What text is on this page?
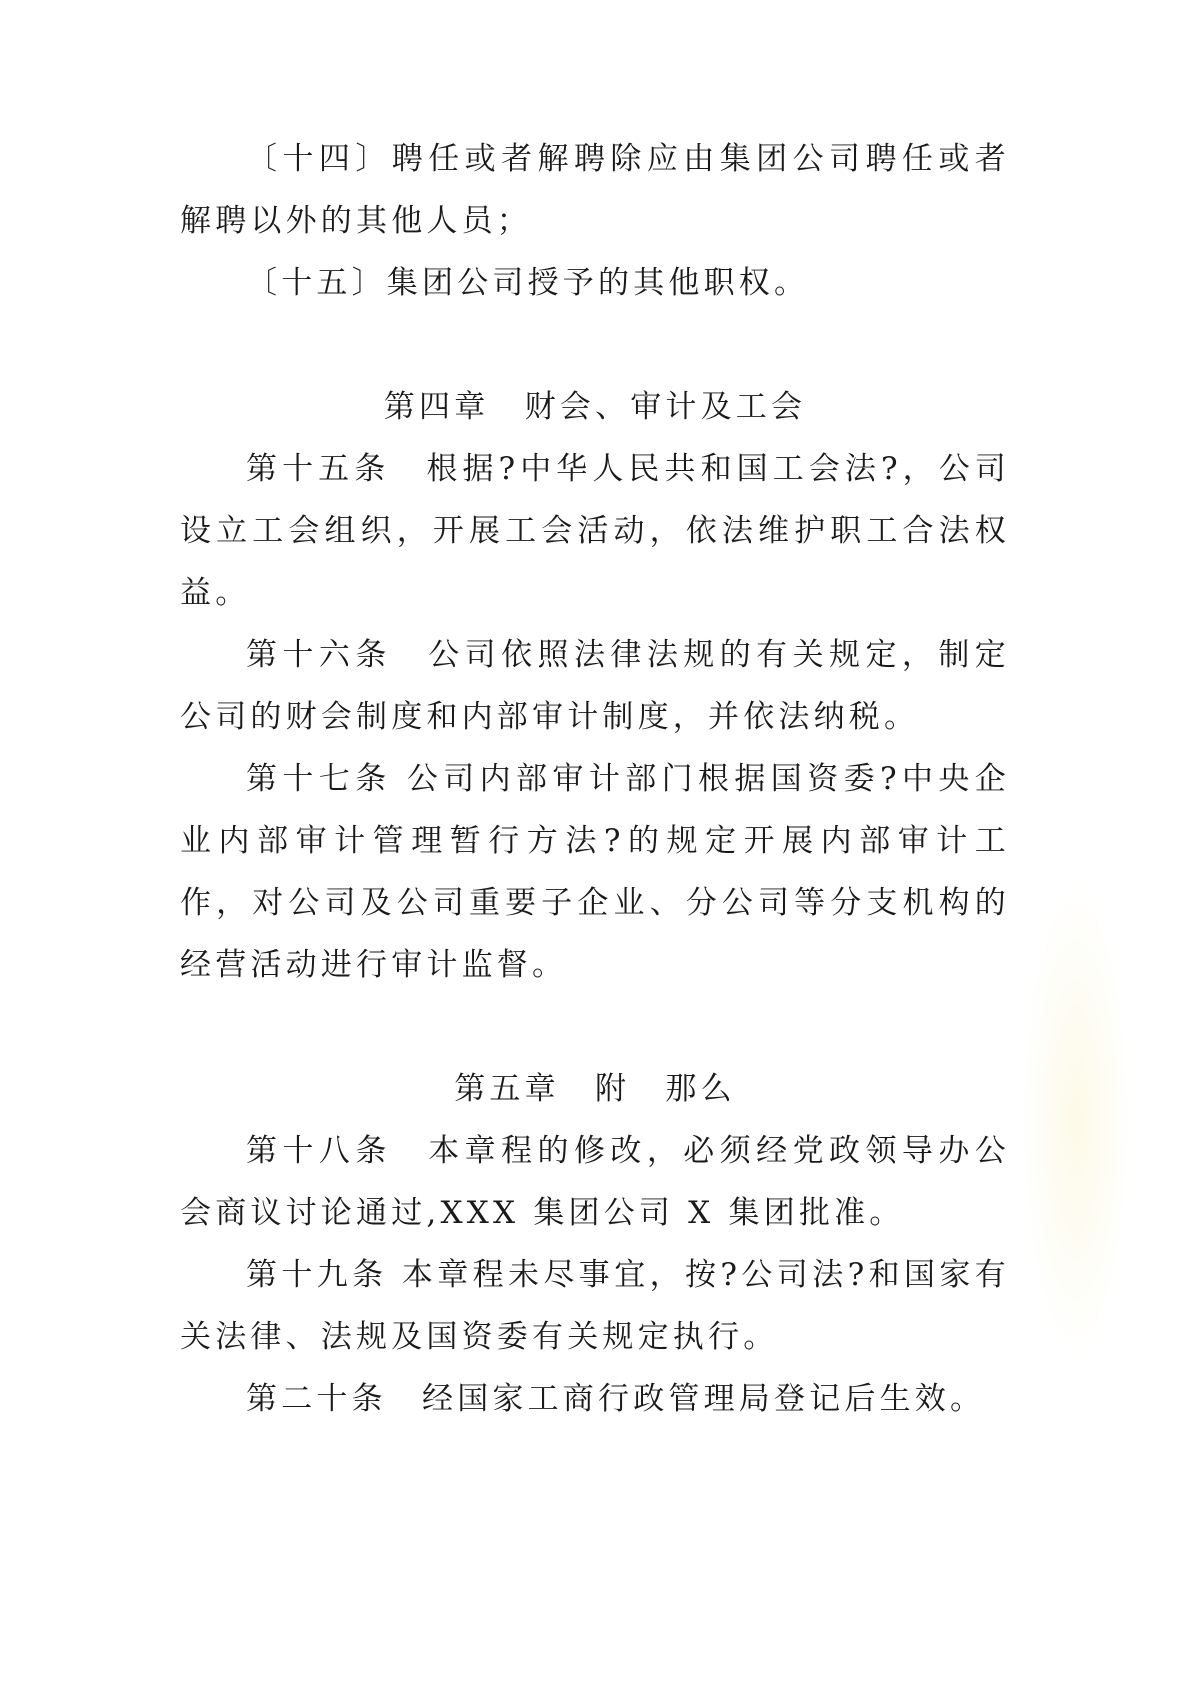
〔十四〕聘任或者解聘除应由集团公司聘任或者解聘以外的其他人员；

〔十五〕集团公司授予的其他职权。

第四章　财会、审计及工会

第十五条　根据?中华人民共和国工会法?，公司设立工会组织，开展工会活动，依法维护职工合法权益。

第十六条　公司依照法律法规的有关规定，制定公司的财会制度和内部审计制度，并依法纳税。

第十七条 公司内部审计部门根据国资委?中央企业内部审计管理暂行方法?的规定开展内部审计工作，对公司及公司重要子企业、分公司等分支机构的经营活动进行审计监督。

第五章　附　那么

第十八条　本章程的修改，必须经党政领导办公会商议讨论通过,XXX 集团公司 X 集团批准。

第十九条 本章程未尽事宜，按?公司法?和国家有关法律、法规及国资委有关规定执行。

第二十条　经国家工商行政管理局登记后生效。
